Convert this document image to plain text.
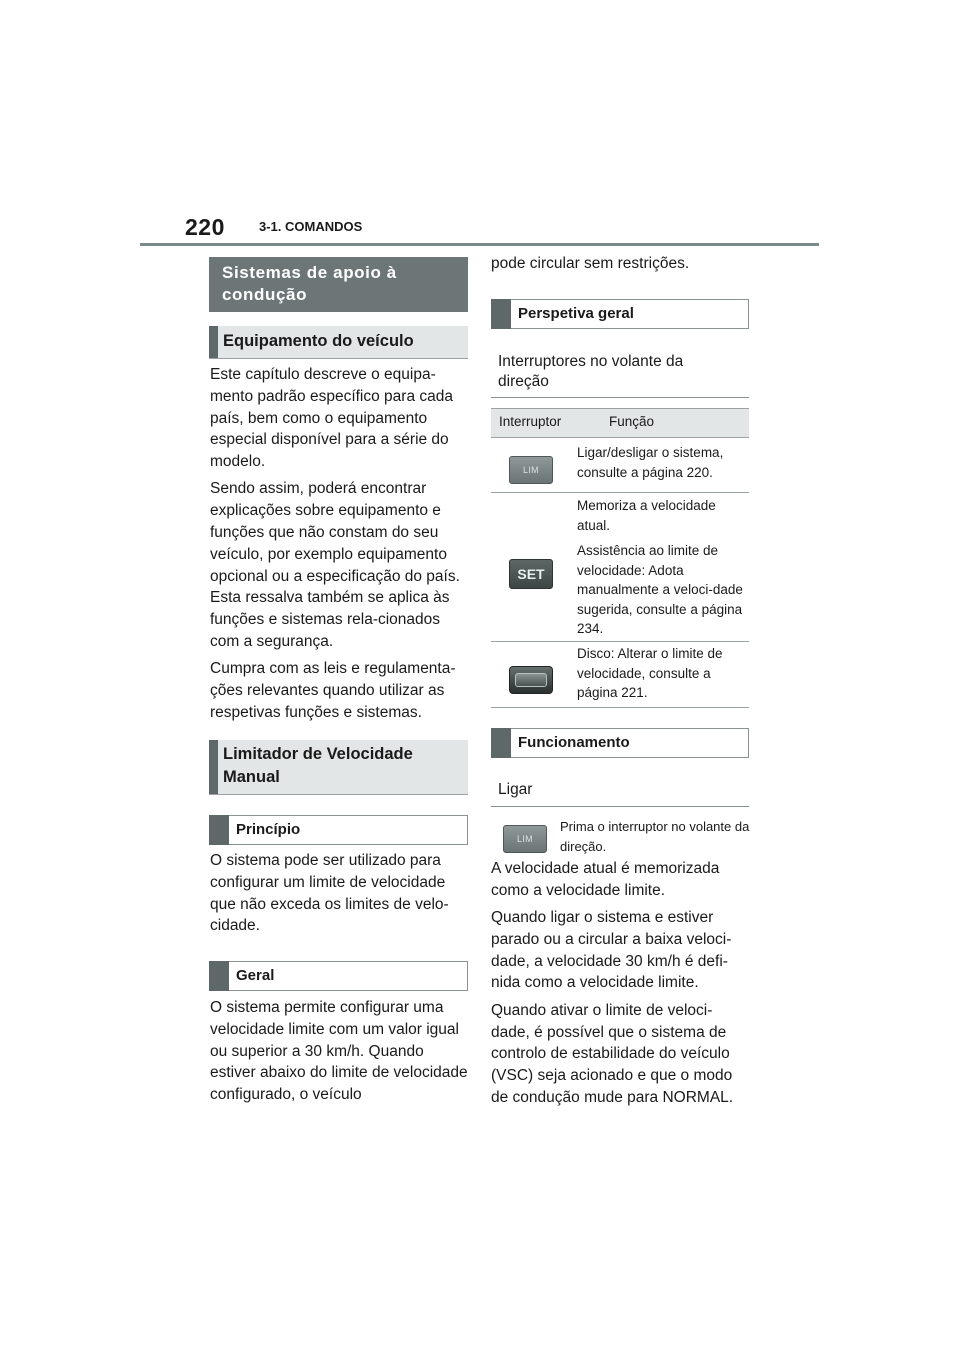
220	3-1. COMANDOS
Sistemas de apoio à condução
Equipamento do veículo

Este capítulo descreve o equipa-mento padrão específico para cada país, bem como o equipamento especial disponível para a série do modelo.

Sendo assim, poderá encontrar explicações sobre equipamento e funções que não constam do seu veículo, por exemplo equipamento opcional ou a especificação do país. Esta ressalva também se aplica às funções e sistemas rela-cionados com a segurança.

Cumpra com as leis e regulamenta-ções relevantes quando utilizar as respetivas funções e sistemas.

Limitador de Velocidade Manual
Princípio

O sistema pode ser utilizado para configurar um limite de velocidade que não exceda os limites de velo-cidade.

Geral

O sistema permite configurar uma velocidade limite com um valor igual ou superior a 30 km/h. Quando estiver abaixo do limite de velocidade configurado, o veículo

pode circular sem restrições.

Perspetiva geral
Interruptores no volante da direção
Interruptor	Função
LIM

Ligar/desligar o sistema, consulte a página 220.

SET

Memoriza a velocidade atual.

Assistência ao limite de velocidade: Adota manualmente a veloci-dade sugerida, consulte a página 234.

Disco: Alterar o limite de velocidade, consulte a página 221.

Funcionamento
Ligar
LIM
Prima o interruptor no volante da direção.

A velocidade atual é memorizada como a velocidade limite.

Quando ligar o sistema e estiver parado ou a circular a baixa veloci-dade, a velocidade 30 km/h é defi-nida como a velocidade limite.

Quando ativar o limite de veloci-dade, é possível que o sistema de controlo de estabilidade do veículo (VSC) seja acionado e que o modo de condução mude para NORMAL.
